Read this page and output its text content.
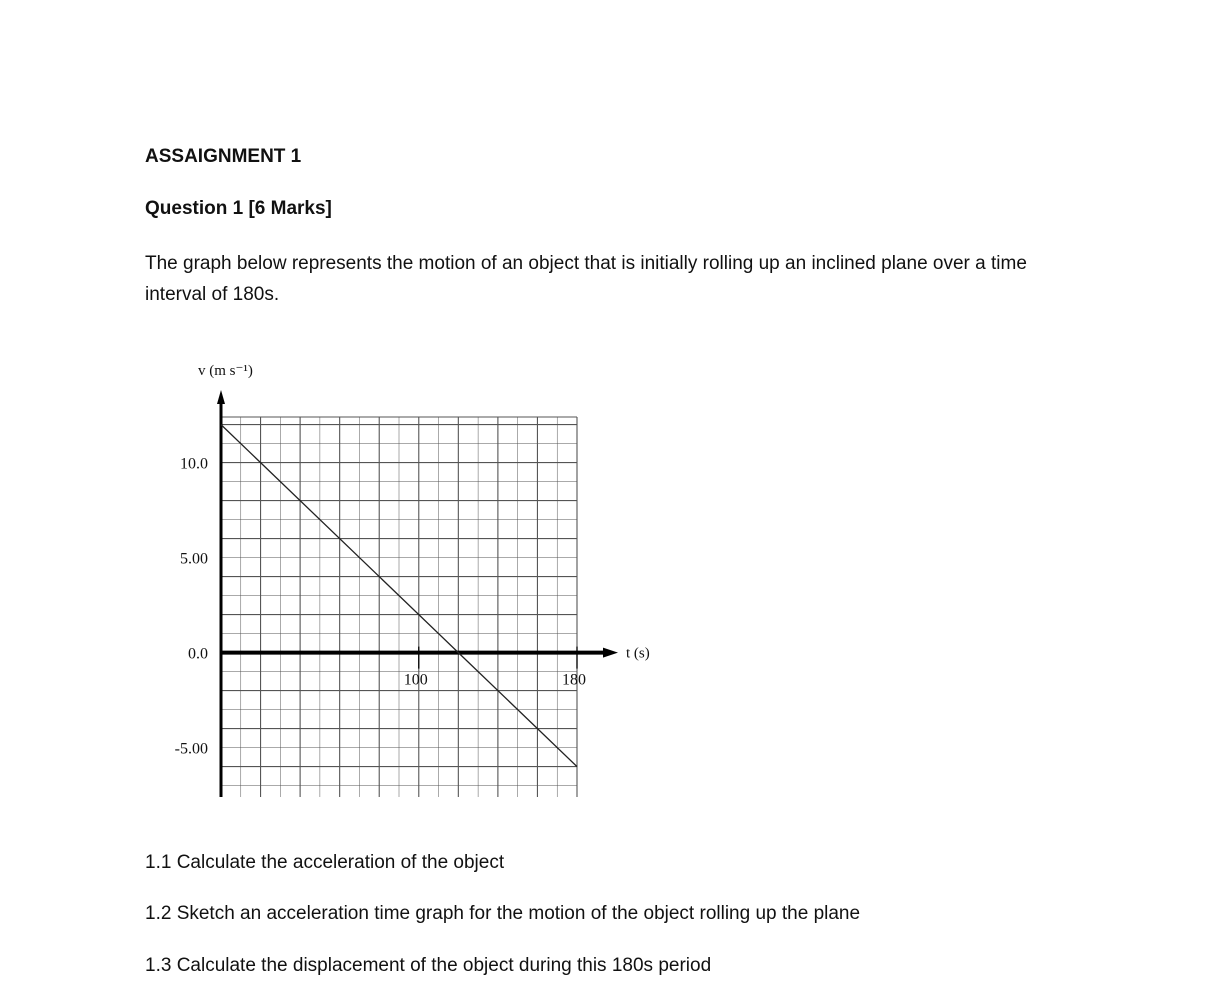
ASSAIGNMENT 1
Question 1 [6 Marks]
The graph below represents the motion of an object that is initially rolling up an inclined plane over a time interval of 180s.
v (m s⁻¹)
t (s)
10.0
5.00
0.0
-5.00
100	180
1.1 Calculate the acceleration of the object
1.2 Sketch an acceleration time graph for the motion of the object rolling up the plane
1.3 Calculate the displacement of the object during this 180s period
